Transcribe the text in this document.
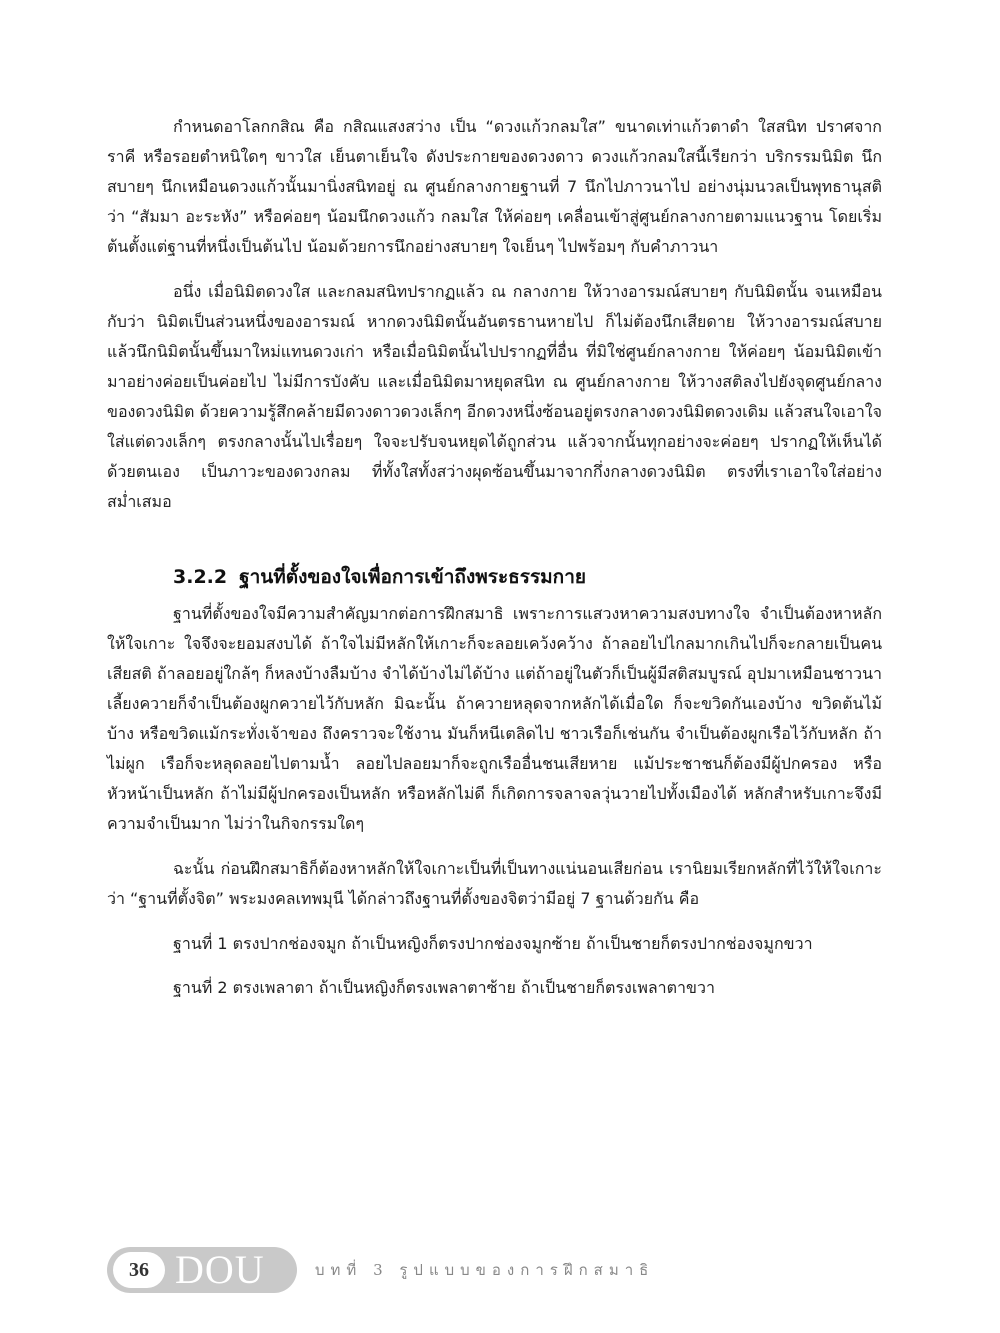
กำหนดอาโลกกสิณ คือ กสิณแสงสว่าง เป็น “ดวงแก้วกลมใส” ขนาดเท่าแก้วตาดำ ใสสนิท ปราศจากราคี หรือรอยตำหนิใดๆ ขาวใส เย็นตาเย็นใจ ดังประกายของดวงดาว ดวงแก้วกลมใสนี้เรียกว่า บริกรรมนิมิต นึกสบายๆ นึกเหมือนดวงแก้วนั้นมานิ่งสนิทอยู่ ณ ศูนย์กลางกายฐานที่ 7 นึกไปภาวนาไป อย่างนุ่มนวลเป็นพุทธานุสติว่า “สัมมา อะระหัง” หรือค่อยๆ น้อมนึกดวงแก้ว กลมใส ให้ค่อยๆ เคลื่อนเข้าสู่ศูนย์กลางกายตามแนวฐาน โดยเริ่มต้นตั้งแต่ฐานที่หนึ่งเป็นต้นไป น้อมด้วยการนึกอย่างสบายๆ ใจเย็นๆ ไปพร้อมๆ กับคำภาวนา

อนึ่ง เมื่อนิมิตดวงใส และกลมสนิทปรากฏแล้ว ณ กลางกาย ให้วางอารมณ์สบายๆ กับนิมิตนั้น จนเหมือนกับว่า นิมิตเป็นส่วนหนึ่งของอารมณ์ หากดวงนิมิตนั้นอันตรธานหายไป ก็ไม่ต้องนึกเสียดาย ให้วางอารมณ์สบาย แล้วนึกนิมิตนั้นขึ้นมาใหม่แทนดวงเก่า หรือเมื่อนิมิตนั้นไปปรากฏที่อื่น ที่มิใช่ศูนย์กลางกาย ให้ค่อยๆ น้อมนิมิตเข้ามาอย่างค่อยเป็นค่อยไป ไม่มีการบังคับ และเมื่อนิมิตมาหยุดสนิท ณ ศูนย์กลางกาย ให้วางสติลงไปยังจุดศูนย์กลางของดวงนิมิต ด้วยความรู้สึกคล้ายมีดวงดาวดวงเล็กๆ อีกดวงหนึ่งซ้อนอยู่ตรงกลางดวงนิมิตดวงเดิม แล้วสนใจเอาใจใส่แต่ดวงเล็กๆ ตรงกลางนั้นไปเรื่อยๆ ใจจะปรับจนหยุดได้ถูกส่วน แล้วจากนั้นทุกอย่างจะค่อยๆ ปรากฏให้เห็นได้ด้วยตนเอง เป็นภาวะของดวงกลม ที่ทั้งใสทั้งสว่างผุดซ้อนขึ้นมาจากกึ่งกลางดวงนิมิต ตรงที่เราเอาใจใส่อย่างสม่ำเสมอ

3.2.2 ฐานที่ตั้งของใจเพื่อการเข้าถึงพระธรรมกาย

ฐานที่ตั้งของใจมีความสำคัญมากต่อการฝึกสมาธิ เพราะการแสวงหาความสงบทางใจ จำเป็นต้องหาหลักให้ใจเกาะ ใจจึงจะยอมสงบได้ ถ้าใจไม่มีหลักให้เกาะก็จะลอยเคว้งคว้าง ถ้าลอยไปไกลมากเกินไปก็จะกลายเป็นคนเสียสติ ถ้าลอยอยู่ใกล้ๆ ก็หลงบ้างลืมบ้าง จำได้บ้างไม่ได้บ้าง แต่ถ้าอยู่ในตัวก็เป็นผู้มีสติสมบูรณ์ อุปมาเหมือนชาวนาเลี้ยงควายก็จำเป็นต้องผูกควายไว้กับหลัก มิฉะนั้น ถ้าควายหลุดจากหลักได้เมื่อใด ก็จะขวิดกันเองบ้าง ขวิดต้นไม้บ้าง หรือขวิดแม้กระทั่งเจ้าของ ถึงคราวจะใช้งาน มันก็หนีเตลิดไป ชาวเรือก็เช่นกัน จำเป็นต้องผูกเรือไว้กับหลัก ถ้าไม่ผูก เรือก็จะหลุดลอยไปตามน้ำ ลอยไปลอยมาก็จะถูกเรืออื่นชนเสียหาย แม้ประชาชนก็ต้องมีผู้ปกครอง หรือหัวหน้าเป็นหลัก ถ้าไม่มีผู้ปกครองเป็นหลัก หรือหลักไม่ดี ก็เกิดการจลาจลวุ่นวายไปทั้งเมืองได้ หลักสำหรับเกาะจึงมีความจำเป็นมาก ไม่ว่าในกิจกรรมใดๆ

ฉะนั้น ก่อนฝึกสมาธิก็ต้องหาหลักให้ใจเกาะเป็นที่เป็นทางแน่นอนเสียก่อน เรานิยมเรียกหลักที่ไว้ให้ใจเกาะว่า “ฐานที่ตั้งจิต” พระมงคลเทพมุนี ได้กล่าวถึงฐานที่ตั้งของจิตว่ามีอยู่ 7 ฐานด้วยกัน คือ

ฐานที่ 1 ตรงปากช่องจมูก ถ้าเป็นหญิงก็ตรงปากช่องจมูกซ้าย ถ้าเป็นชายก็ตรงปากช่องจมูกขวา

ฐานที่ 2 ตรงเพลาตา ถ้าเป็นหญิงก็ตรงเพลาตาซ้าย ถ้าเป็นชายก็ตรงเพลาตาขวา

36 DOU	บทที่ 3 รูปแบบของการฝึกสมาธิ
